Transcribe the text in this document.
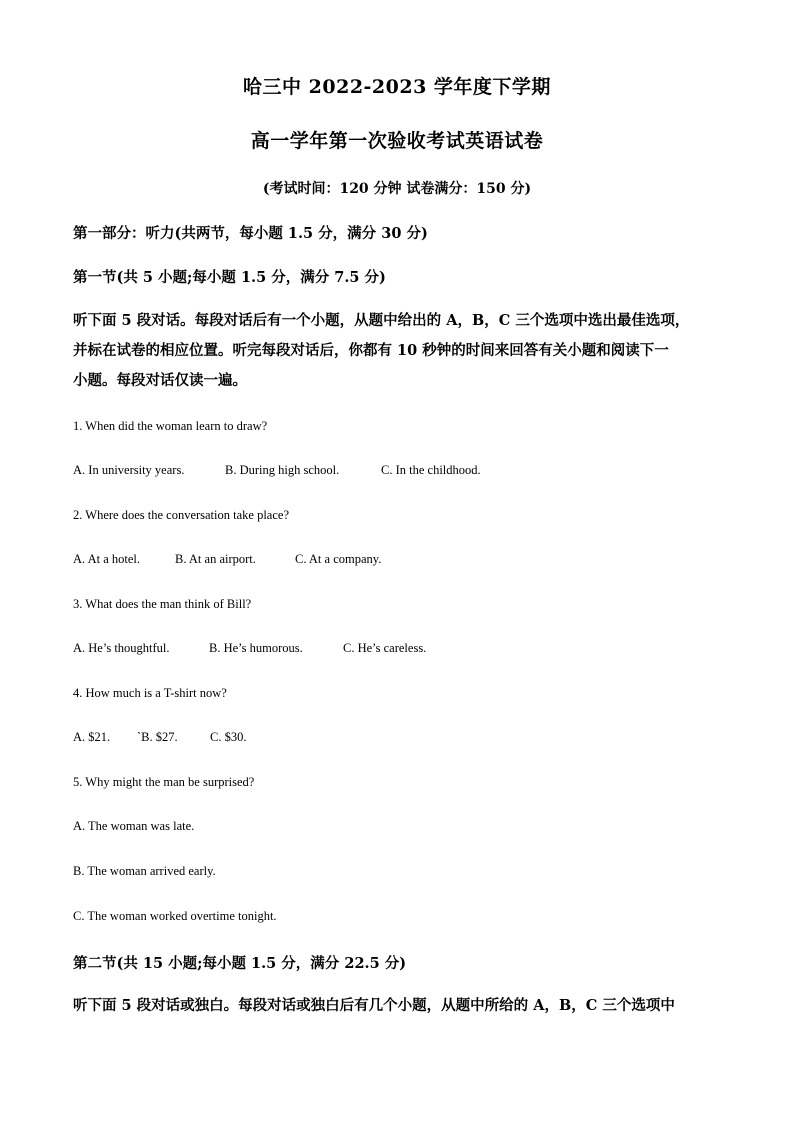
哈三中 2022-2023 学年度下学期
高一学年第一次验收考试英语试卷
(考试时间：120 分钟 试卷满分：150 分)
第一部分：听力(共两节，每小题 1.5 分，满分 30 分)
第一节(共 5 小题;每小题 1.5 分，满分 7.5 分)
听下面 5 段对话。每段对话后有一个小题，从题中给出的 A，B，C 三个选项中选出最佳选项，
并标在试卷的相应位置。听完每段对话后，你都有 10 秒钟的时间来回答有关小题和阅读下一
小题。每段对话仅读一遍。
1. When did the woman learn to draw?
A. In university years.	B. During high school.	C. In the childhood.
2. Where does the conversation take place?
A. At a hotel.	B. At an airport.	C. At a company.
3. What does the man think of Bill?
A. He’s thoughtful.	B. He’s humorous.	C. He’s careless.
4. How much is a T-shirt now?
A. $21. `B. $27.	C. $30.
5. Why might the man be surprised?
A. The woman was late.
B. The woman arrived early.
C. The woman worked overtime tonight.
第二节(共 15 小题;每小题 1.5 分，满分 22.5 分)
听下面 5 段对话或独白。每段对话或独白后有几个小题，从题中所给的 A，B，C 三个选项中
